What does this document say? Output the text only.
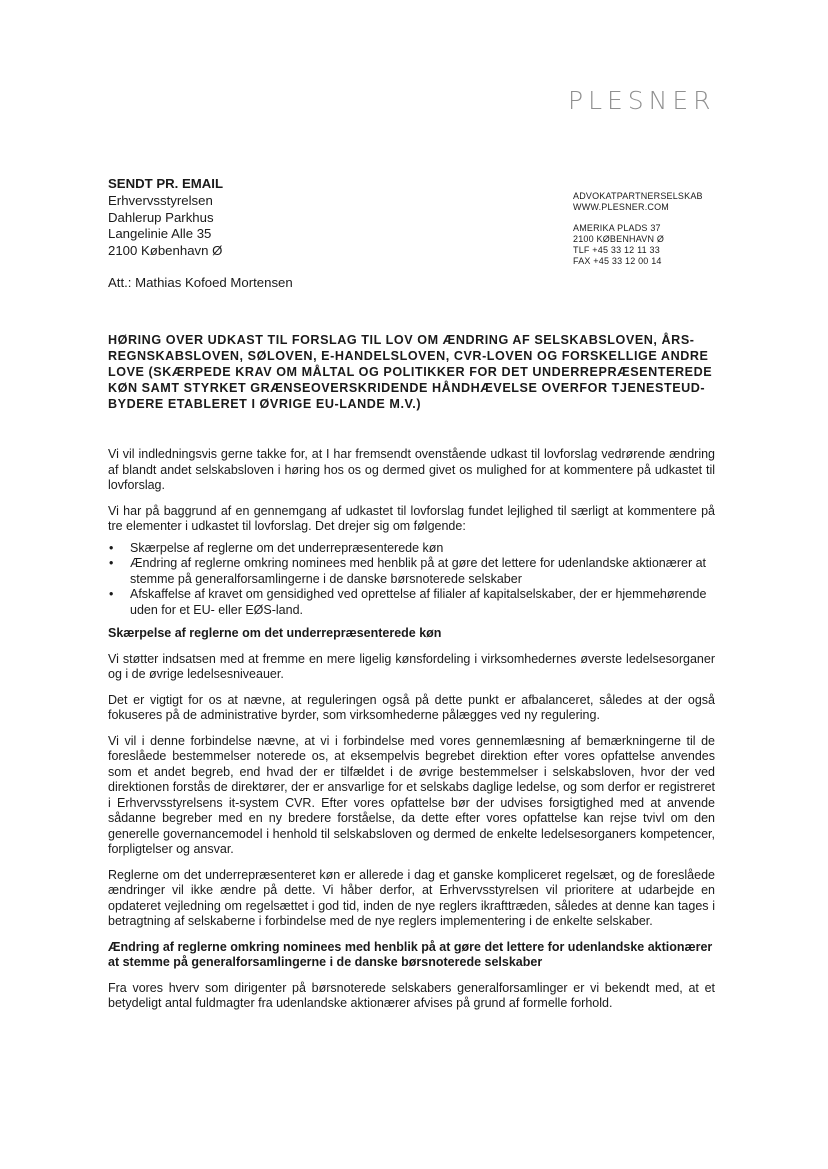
PLESNER
SENDT PR. EMAIL
Erhvervsstyrelsen
Dahlerup Parkhus
Langelinie Alle 35
2100 København Ø
Att.: Mathias Kofoed Mortensen
ADVOKATPARTNERSELSKAB
WWW.PLESNER.COM
AMERIKA PLADS 37
2100 KØBENHAVN Ø
TLF +45 33 12 11 33
FAX +45 33 12 00 14
HØRING OVER UDKAST TIL FORSLAG TIL LOV OM ÆNDRING AF SELSKABSLOVEN, ÅRS-REGNSKABSLOVEN, SØLOVEN, E-HANDELSLOVEN, CVR-LOVEN OG FORSKELLIGE ANDRE LOVE (SKÆRPEDE KRAV OM MÅLTAL OG POLITIKKER FOR DET UNDERREPRÆSENTEREDE KØN SAMT STYRKET GRÆNSEOVERSKRIDENDE HÅNDHÆVELSE OVERFOR TJENESTEUD-BYDERE ETABLERET I ØVRIGE EU-LANDE M.V.)

Vi vil indledningsvis gerne takke for, at I har fremsendt ovenstående udkast til lovforslag vedrørende ændring af blandt andet selskabsloven i høring hos os og dermed givet os mulighed for at kommentere på udkastet til lovforslag.

Vi har på baggrund af en gennemgang af udkastet til lovforslag fundet lejlighed til særligt at kommentere på tre elementer i udkastet til lovforslag. Det drejer sig om følgende:

• Skærpelse af reglerne om det underrepræsenterede køn
• Ændring af reglerne omkring nominees med henblik på at gøre det lettere for udenlandske aktionærer at stemme på generalforsamlingerne i de danske børsnoterede selskaber
• Afskaffelse af kravet om gensidighed ved oprettelse af filialer af kapitalselskaber, der er hjemmehørende uden for et EU- eller EØS-land.
Skærpelse af reglerne om det underrepræsenterede køn

Vi støtter indsatsen med at fremme en mere ligelig kønsfordeling i virksomhedernes øverste ledelsesorganer og i de øvrige ledelsesniveauer.

Det er vigtigt for os at nævne, at reguleringen også på dette punkt er afbalanceret, således at der også fokuseres på de administrative byrder, som virksomhederne pålægges ved ny regulering.

Vi vil i denne forbindelse nævne, at vi i forbindelse med vores gennemlæsning af bemærkningerne til de foreslåede bestemmelser noterede os, at eksempelvis begrebet direktion efter vores opfattelse anvendes som et andet begreb, end hvad der er tilfældet i de øvrige bestemmelser i selskabsloven, hvor der ved direktionen forstås de direktører, der er ansvarlige for et selskabs daglige ledelse, og som derfor er registreret i Erhvervsstyrelsens it-system CVR. Efter vores opfattelse bør der udvises forsigtighed med at anvende sådanne begreber med en ny bredere forståelse, da dette efter vores opfattelse kan rejse tvivl om den generelle governancemodel i henhold til selskabsloven og dermed de enkelte ledelsesorganers kompetencer, forpligtelser og ansvar.

Reglerne om det underrepræsenteret køn er allerede i dag et ganske kompliceret regelsæt, og de foreslåede ændringer vil ikke ændre på dette. Vi håber derfor, at Erhvervsstyrelsen vil prioritere at udarbejde en opdateret vejledning om regelsættet i god tid, inden de nye reglers ikrafttræden, således at denne kan tages i betragtning af selskaberne i forbindelse med de nye reglers implementering i de enkelte selskaber.

Ændring af reglerne omkring nominees med henblik på at gøre det lettere for udenlandske aktionærer at stemme på generalforsamlingerne i de danske børsnoterede selskaber

Fra vores hverv som dirigenter på børsnoterede selskabers generalforsamlinger er vi bekendt med, at et betydeligt antal fuldmagter fra udenlandske aktionærer afvises på grund af formelle forhold.
